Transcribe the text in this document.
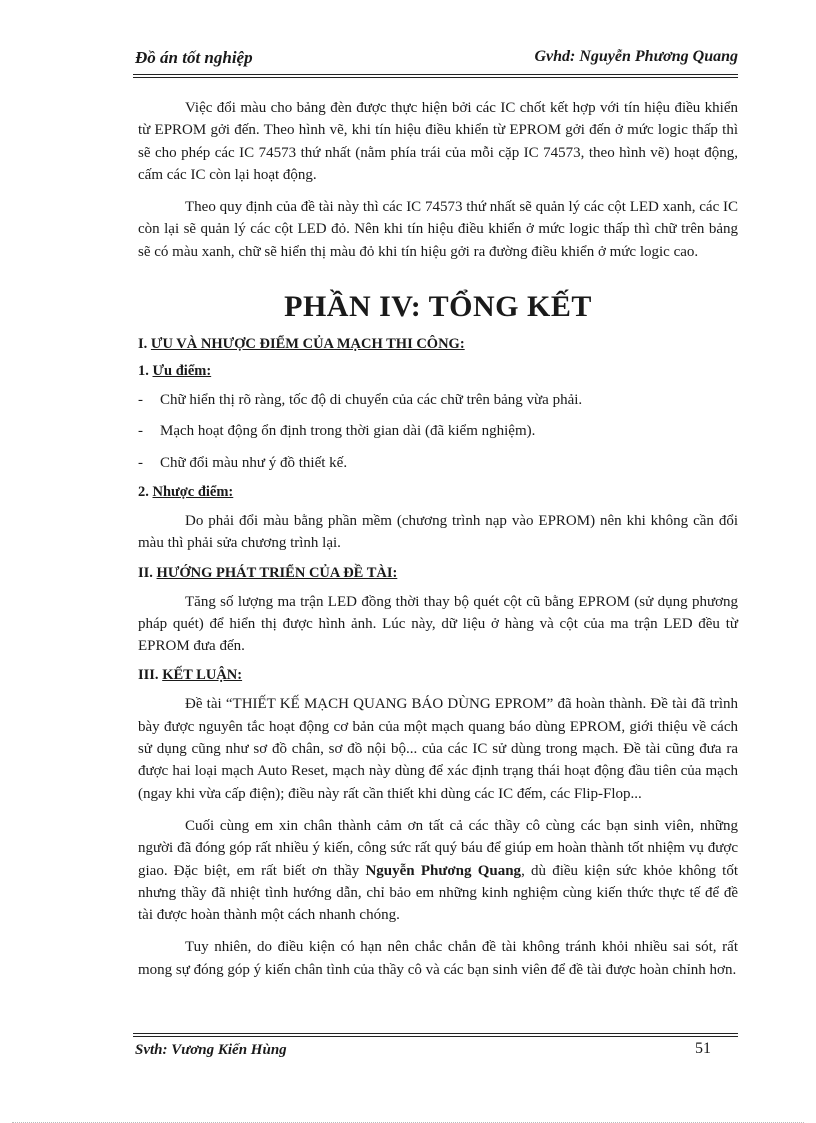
Đồ án tốt nghiệp	Gvhd: Nguyễn Phương Quang

Việc đổi màu cho bảng đèn được thực hiện bởi các IC chốt kết hợp với tín hiệu điều khiển từ EPROM gởi đến. Theo hình vẽ, khi tín hiệu điều khiển từ EPROM gởi đến ở mức logic thấp thì sẽ cho phép các IC 74573 thứ nhất (nằm phía trái của mỗi cặp IC 74573, theo hình vẽ) hoạt động, cấm các IC còn lại hoạt động.

Theo quy định của đề tài này thì các IC 74573 thứ nhất sẽ quản lý các cột LED xanh, các IC còn lại sẽ quản lý các cột LED đỏ. Nên khi tín hiệu điều khiển ở mức logic thấp thì chữ trên bảng sẽ có màu xanh, chữ sẽ hiển thị màu đỏ khi tín hiệu gởi ra đường điều khiển ở mức logic cao.

PHẦN IV: TỔNG KẾT
I. ƯU VÀ NHƯỢC ĐIỂM CỦA MẠCH THI CÔNG:
1. Ưu điểm:

- Chữ hiển thị rõ ràng, tốc độ di chuyển của các chữ trên bảng vừa phải.

- Mạch hoạt động ổn định trong thời gian dài (đã kiểm nghiệm).

- Chữ đổi màu như ý đồ thiết kế.

2. Nhược điểm:

Do phải đổi màu bằng phần mềm (chương trình nạp vào EPROM) nên khi không cần đổi màu thì phải sửa chương trình lại.

II. HƯỚNG PHÁT TRIỂN CỦA ĐỀ TÀI:

Tăng số lượng ma trận LED đồng thời thay bộ quét cột cũ bằng EPROM (sử dụng phương pháp quét) để hiển thị được hình ảnh. Lúc này, dữ liệu ở hàng và cột của ma trận LED đều từ EPROM đưa đến.

III. KẾT LUẬN:

Đề tài “THIẾT KẾ MẠCH QUANG BÁO DÙNG EPROM” đã hoàn thành. Đề tài đã trình bày được nguyên tắc hoạt động cơ bản của một mạch quang báo dùng EPROM, giới thiệu về cách sử dụng cũng như sơ đồ chân, sơ đồ nội bộ... của các IC sử dùng trong mạch. Đề tài cũng đưa ra được hai loại mạch Auto Reset, mạch này dùng để xác định trạng thái hoạt động đầu tiên của mạch (ngay khi vừa cấp điện); điều này rất cần thiết khi dùng các IC đếm, các Flip-Flop...

Cuối cùng em xin chân thành cảm ơn tất cả các thầy cô cùng các bạn sinh viên, những người đã đóng góp rất nhiều ý kiến, công sức rất quý báu để giúp em hoàn thành tốt nhiệm vụ được giao. Đặc biệt, em rất biết ơn thầy Nguyễn Phương Quang, dù điều kiện sức khỏe không tốt nhưng thầy đã nhiệt tình hướng dẫn, chỉ bảo em những kinh nghiệm cùng kiến thức thực tế để đề tài được hoàn thành một cách nhanh chóng.

Tuy nhiên, do điều kiện có hạn nên chắc chắn đề tài không tránh khỏi nhiều sai sót, rất mong sự đóng góp ý kiến chân tình của thầy cô và các bạn sinh viên để đề tài được hoàn chỉnh hơn.

Svth: Vương Kiến Hùng	51
